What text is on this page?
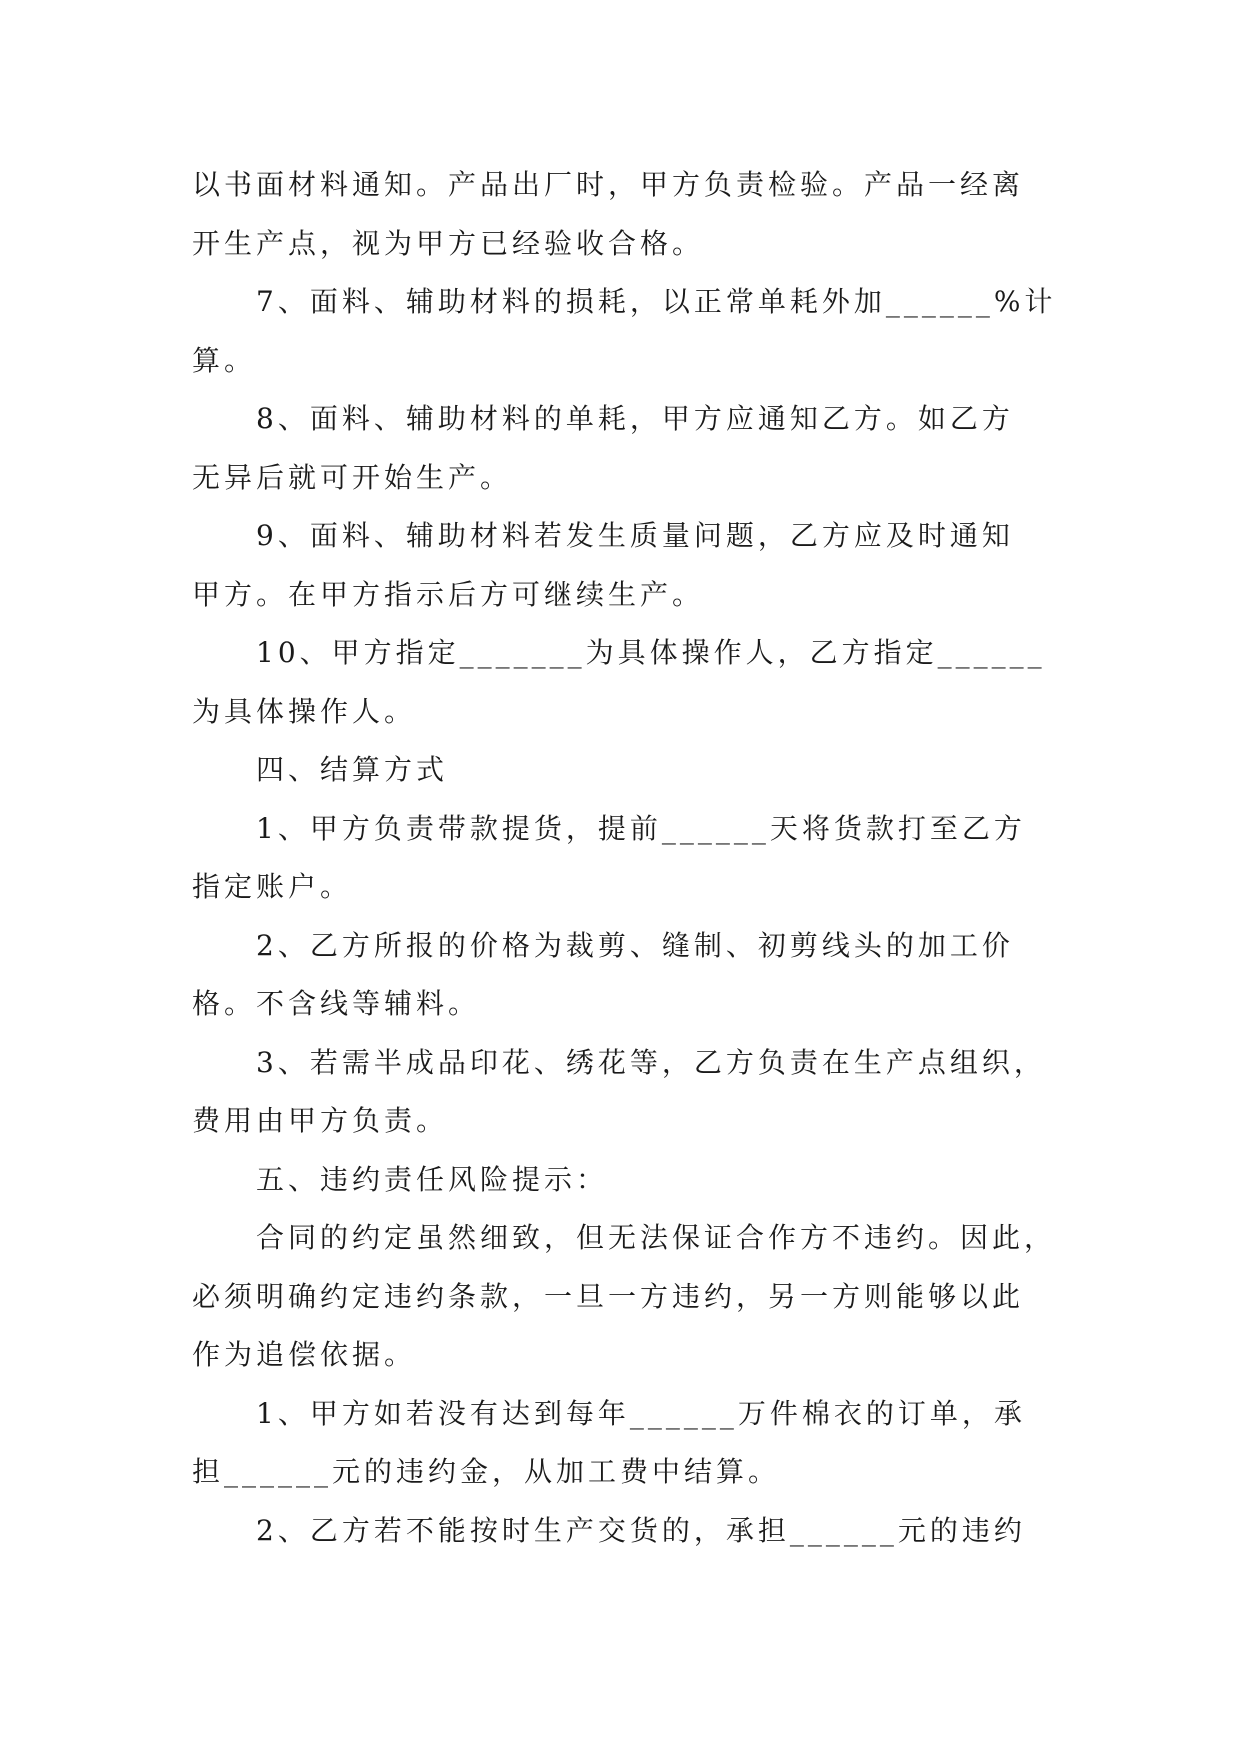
以书面材料通知。产品出厂时，甲方负责检验。产品一经离
开生产点，视为甲方已经验收合格。
7、面料、辅助材料的损耗，以正常单耗外加______%计
算。
8、面料、辅助材料的单耗，甲方应通知乙方。如乙方
无异后就可开始生产。
9、面料、辅助材料若发生质量问题，乙方应及时通知
甲方。在甲方指示后方可继续生产。
10、甲方指定_______为具体操作人，乙方指定______
为具体操作人。
四、结算方式
1、甲方负责带款提货，提前______天将货款打至乙方
指定账户。
2、乙方所报的价格为裁剪、缝制、初剪线头的加工价
格。不含线等辅料。
3、若需半成品印花、绣花等，乙方负责在生产点组织，
费用由甲方负责。
五、违约责任风险提示：
合同的约定虽然细致，但无法保证合作方不违约。因此，
必须明确约定违约条款，一旦一方违约，另一方则能够以此
作为追偿依据。
1、甲方如若没有达到每年______万件棉衣的订单，承
担______元的违约金，从加工费中结算。
2、乙方若不能按时生产交货的，承担______元的违约
